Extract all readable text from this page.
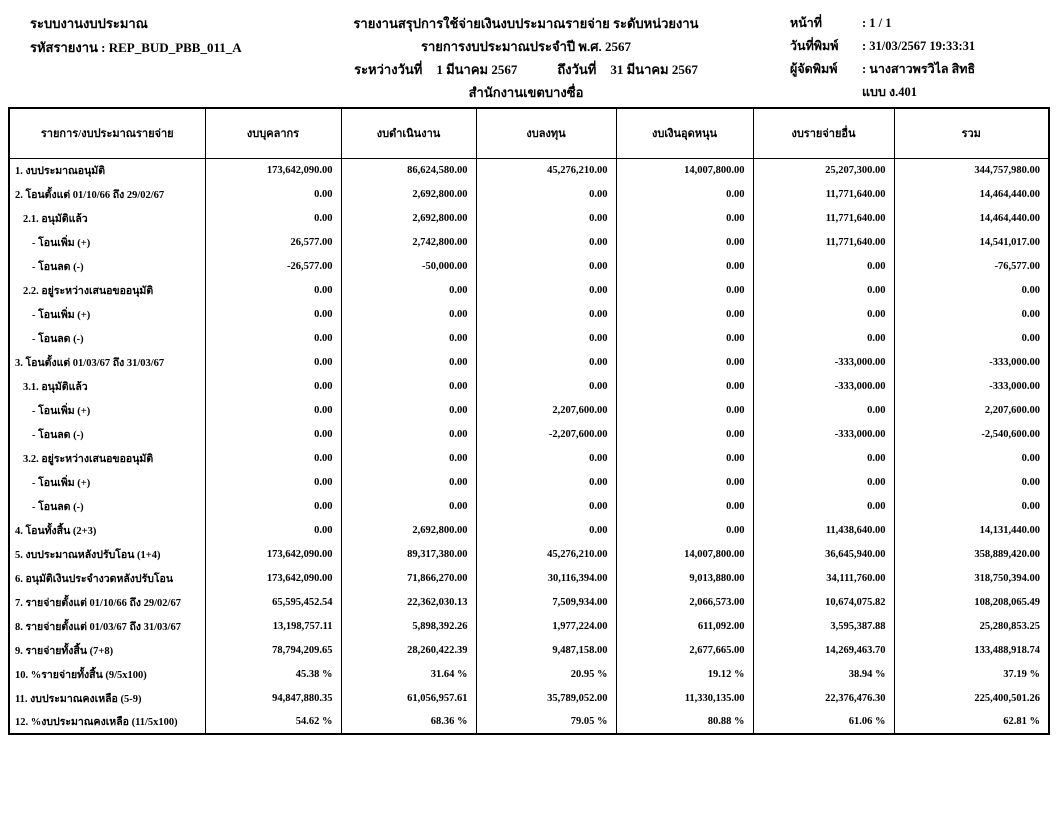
ระบบงานงบประมาณ
รหัสรายงาน : REP_BUD_PBB_011_A
รายงานสรุปการใช้จ่ายเงินงบประมาณรายจ่าย ระดับหน่วยงาน
รายการงบประมาณประจำปี พ.ศ. 2567
ระหว่างวันที่ 1 มีนาคม 2567	ถึงวันที่ 31 มีนาคม 2567
สำนักงานเขตบางซื่อ
หน้าที่	: 1 / 1
วันที่พิมพ์	: 31/03/2567 19:33:31
ผู้จัดพิมพ์	: นางสาวพรวิไล สิทธิ
แบบ ง.401
รายการ/งบประมาณรายจ่าย	งบบุคลากร	งบดำเนินงาน	งบลงทุน	งบเงินอุดหนุน	งบรายจ่ายอื่น	รวม
1. งบประมาณอนุมัติ	173,642,090.00	86,624,580.00	45,276,210.00	14,007,800.00	25,207,300.00	344,757,980.00
2. โอนตั้งแต่ 01/10/66 ถึง 29/02/67	0.00	2,692,800.00	0.00	0.00	11,771,640.00	14,464,440.00
2.1. อนุมัติแล้ว	0.00	2,692,800.00	0.00	0.00	11,771,640.00	14,464,440.00
- โอนเพิ่ม (+)	26,577.00	2,742,800.00	0.00	0.00	11,771,640.00	14,541,017.00
- โอนลด (-)	-26,577.00	-50,000.00	0.00	0.00	0.00	-76,577.00
2.2. อยู่ระหว่างเสนอขออนุมัติ	0.00	0.00	0.00	0.00	0.00	0.00
- โอนเพิ่ม (+)	0.00	0.00	0.00	0.00	0.00	0.00
- โอนลด (-)	0.00	0.00	0.00	0.00	0.00	0.00
3. โอนตั้งแต่ 01/03/67 ถึง 31/03/67	0.00	0.00	0.00	0.00	-333,000.00	-333,000.00
3.1. อนุมัติแล้ว	0.00	0.00	0.00	0.00	-333,000.00	-333,000.00
- โอนเพิ่ม (+)	0.00	0.00	2,207,600.00	0.00	0.00	2,207,600.00
- โอนลด (-)	0.00	0.00	-2,207,600.00	0.00	-333,000.00	-2,540,600.00
3.2. อยู่ระหว่างเสนอขออนุมัติ	0.00	0.00	0.00	0.00	0.00	0.00
- โอนเพิ่ม (+)	0.00	0.00	0.00	0.00	0.00	0.00
- โอนลด (-)	0.00	0.00	0.00	0.00	0.00	0.00
4. โอนทั้งสิ้น (2+3)	0.00	2,692,800.00	0.00	0.00	11,438,640.00	14,131,440.00
5. งบประมาณหลังปรับโอน (1+4)	173,642,090.00	89,317,380.00	45,276,210.00	14,007,800.00	36,645,940.00	358,889,420.00
6. อนุมัติเงินประจำงวดหลังปรับโอน	173,642,090.00	71,866,270.00	30,116,394.00	9,013,880.00	34,111,760.00	318,750,394.00
7. รายจ่ายตั้งแต่ 01/10/66 ถึง 29/02/67	65,595,452.54	22,362,030.13	7,509,934.00	2,066,573.00	10,674,075.82	108,208,065.49
8. รายจ่ายตั้งแต่ 01/03/67 ถึง 31/03/67	13,198,757.11	5,898,392.26	1,977,224.00	611,092.00	3,595,387.88	25,280,853.25
9. รายจ่ายทั้งสิ้น (7+8)	78,794,209.65	28,260,422.39	9,487,158.00	2,677,665.00	14,269,463.70	133,488,918.74
10. %รายจ่ายทั้งสิ้น (9/5x100)	45.38 %	31.64 %	20.95 %	19.12 %	38.94 %	37.19 %
11. งบประมาณคงเหลือ (5-9)	94,847,880.35	61,056,957.61	35,789,052.00	11,330,135.00	22,376,476.30	225,400,501.26
12. %งบประมาณคงเหลือ (11/5x100)	54.62 %	68.36 %	79.05 %	80.88 %	61.06 %	62.81 %
